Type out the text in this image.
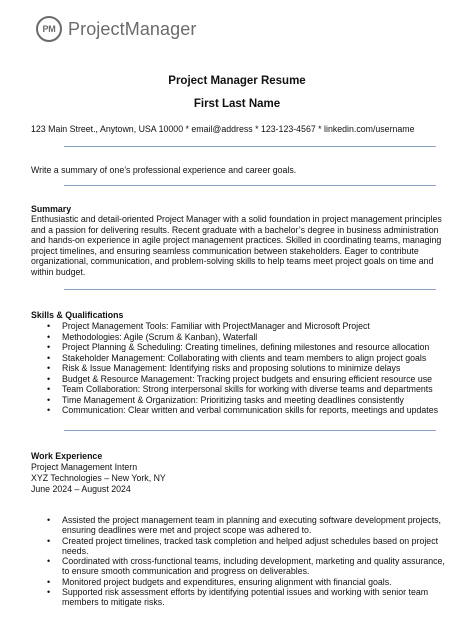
PM ProjectManager
Project Manager Resume
First Last Name
123 Main Street., Anytown, USA 10000 * email@address * 123-123-4567 * linkedin.com/username
Write a summary of one’s professional experience and career goals.
Summary
Enthusiastic and detail-oriented Project Manager with a solid foundation in project management principles and a passion for delivering results. Recent graduate with a bachelor’s degree in business administration and hands-on experience in agile project management practices. Skilled in coordinating teams, managing project timelines, and ensuring seamless communication between stakeholders. Eager to contribute organizational, communication, and problem-solving skills to help teams meet project goals on time and within budget.
Skills & Qualifications
• Project Management Tools: Familiar with ProjectManager and Microsoft Project
• Methodologies: Agile (Scrum & Kanban), Waterfall
• Project Planning & Scheduling: Creating timelines, defining milestones and resource allocation
• Stakeholder Management: Collaborating with clients and team members to align project goals
• Risk & Issue Management: Identifying risks and proposing solutions to minimize delays
• Budget & Resource Management: Tracking project budgets and ensuring efficient resource use
• Team Collaboration: Strong interpersonal skills for working with diverse teams and departments
• Time Management & Organization: Prioritizing tasks and meeting deadlines consistently
• Communication: Clear written and verbal communication skills for reports, meetings and updates
Work Experience
Project Management Intern
XYZ Technologies – New York, NY
June 2024 – August 2024
• Assisted the project management team in planning and executing software development projects, ensuring deadlines were met and project scope was adhered to.
• Created project timelines, tracked task completion and helped adjust schedules based on project needs.
• Coordinated with cross-functional teams, including development, marketing and quality assurance, to ensure smooth communication and progress on deliverables.
• Monitored project budgets and expenditures, ensuring alignment with financial goals.
• Supported risk assessment efforts by identifying potential issues and working with senior team members to mitigate risks.
